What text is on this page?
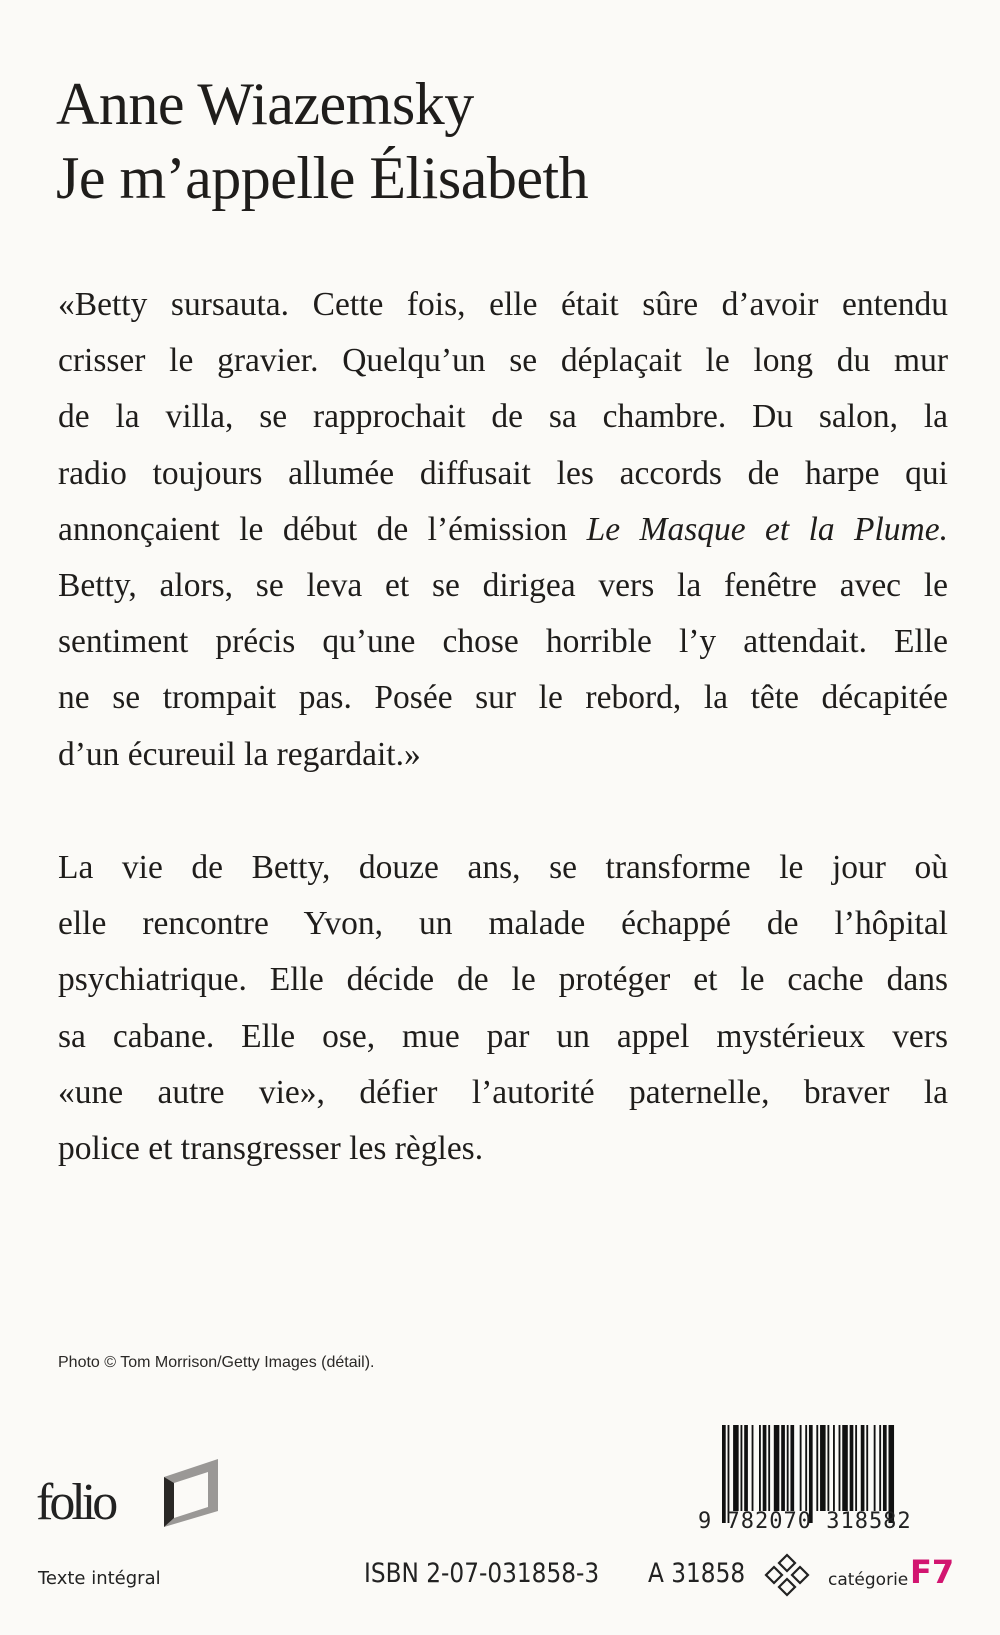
Anne Wiazemsky
Je m’appelle Élisabeth
«Betty sursauta. Cette fois, elle était sûre d’avoir entendu
crisser le gravier. Quelqu’un se déplaçait le long du mur
de la villa, se rapprochait de sa chambre. Du salon, la
radio toujours allumée diffusait les accords de harpe qui
annonçaient le début de l’émission Le Masque et la Plume.
Betty, alors, se leva et se dirigea vers la fenêtre avec le
sentiment précis qu’une chose horrible l’y attendait. Elle
ne se trompait pas. Posée sur le rebord, la tête décapitée
d’un écureuil la regardait.»
La vie de Betty, douze ans, se transforme le jour où
elle rencontre Yvon, un malade échappé de l’hôpital
psychiatrique. Elle décide de le protéger et le cache dans
sa cabane. Elle ose, mue par un appel mystérieux vers
«une autre vie», défier l’autorité paternelle, braver la
police et transgresser les règles.
Photo © Tom Morrison/Getty Images (détail).
folio
Texte intégral
9 782070 318582
ISBN 2-07-031858-3 A 31858	catégorie F7
